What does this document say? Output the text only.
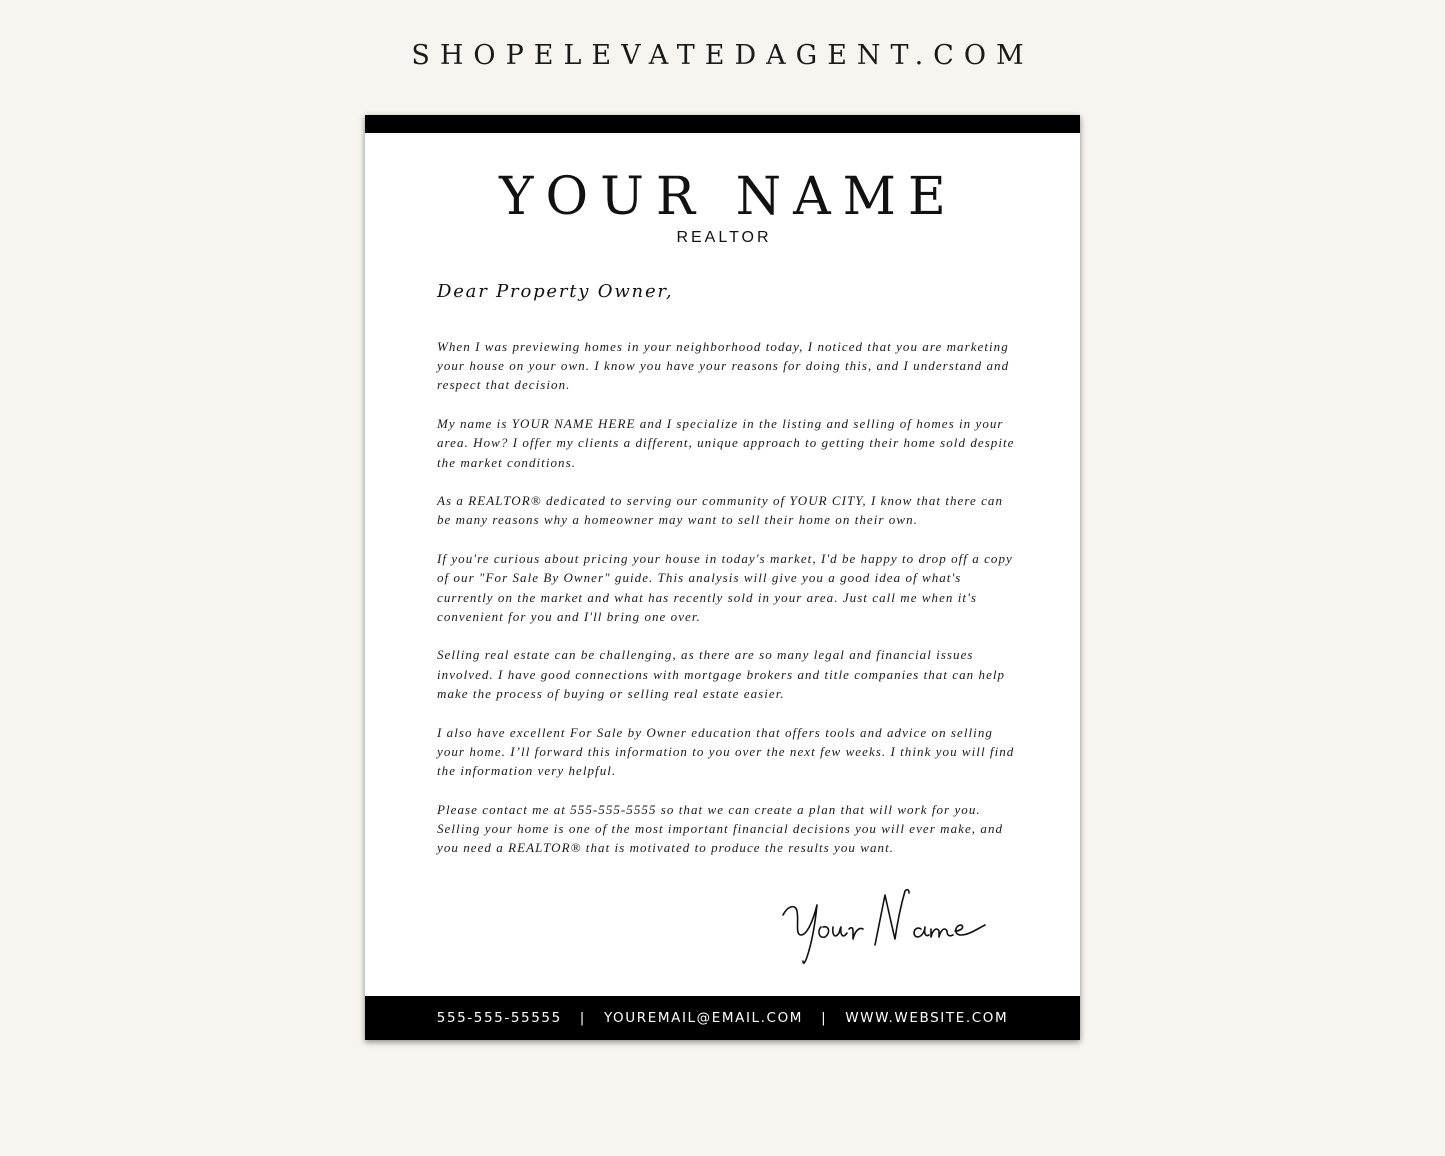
SHOPELEVATEDAGENT.COM
YOUR NAME
REALTOR
Dear Property Owner,

When I was previewing homes in your neighborhood today, I noticed that you are marketing your house on your own. I know you have your reasons for doing this, and I understand and respect that decision.

My name is YOUR NAME HERE and I specialize in the listing and selling of homes in your area. How? I offer my clients a different, unique approach to getting their home sold despite the market conditions.

As a REALTOR® dedicated to serving our community of YOUR CITY, I know that there can be many reasons why a homeowner may want to sell their home on their own.

If you're curious about pricing your house in today's market, I'd be happy to drop off a copy of our "For Sale By Owner" guide. This analysis will give you a good idea of what's currently on the market and what has recently sold in your area. Just call me when it's convenient for you and I'll bring one over.

Selling real estate can be challenging, as there are so many legal and financial issues involved. I have good connections with mortgage brokers and title companies that can help make the process of buying or selling real estate easier.

I also have excellent For Sale by Owner education that offers tools and advice on selling your home. I’ll forward this information to you over the next few weeks. I think you will find the information very helpful.

Please contact me at 555-555-5555 so that we can create a plan that will work for you. Selling your home is one of the most important financial decisions you will ever make, and you need a REALTOR® that is motivated to produce the results you want.

555-555-55555 | YOUREMAIL@EMAIL.COM | WWW.WEBSITE.COM
